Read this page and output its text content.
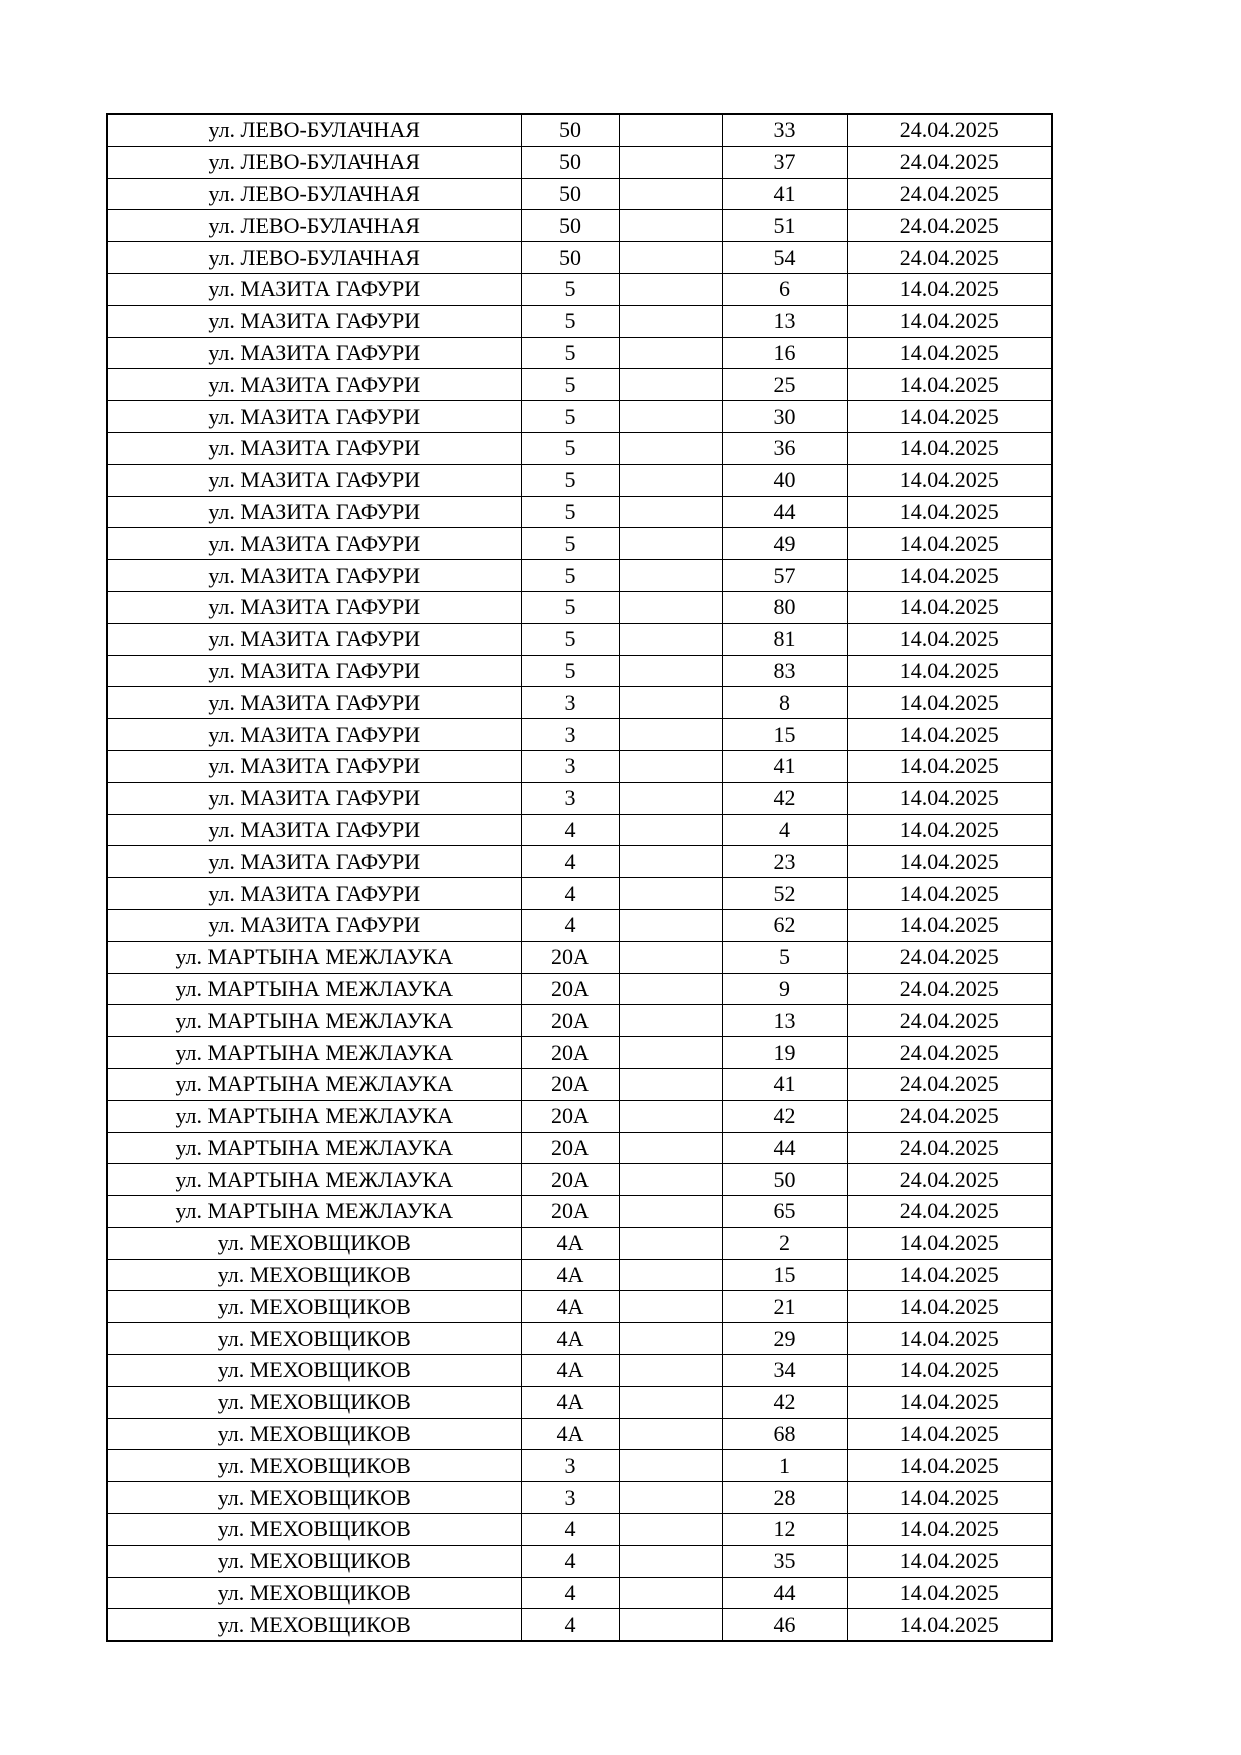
ул. ЛЕВО-БУЛАЧНАЯ	50		33	24.04.2025
ул. ЛЕВО-БУЛАЧНАЯ	50		37	24.04.2025
ул. ЛЕВО-БУЛАЧНАЯ	50		41	24.04.2025
ул. ЛЕВО-БУЛАЧНАЯ	50		51	24.04.2025
ул. ЛЕВО-БУЛАЧНАЯ	50		54	24.04.2025
ул. МАЗИТА ГАФУРИ	5		6	14.04.2025
ул. МАЗИТА ГАФУРИ	5		13	14.04.2025
ул. МАЗИТА ГАФУРИ	5		16	14.04.2025
ул. МАЗИТА ГАФУРИ	5		25	14.04.2025
ул. МАЗИТА ГАФУРИ	5		30	14.04.2025
ул. МАЗИТА ГАФУРИ	5		36	14.04.2025
ул. МАЗИТА ГАФУРИ	5		40	14.04.2025
ул. МАЗИТА ГАФУРИ	5		44	14.04.2025
ул. МАЗИТА ГАФУРИ	5		49	14.04.2025
ул. МАЗИТА ГАФУРИ	5		57	14.04.2025
ул. МАЗИТА ГАФУРИ	5		80	14.04.2025
ул. МАЗИТА ГАФУРИ	5		81	14.04.2025
ул. МАЗИТА ГАФУРИ	5		83	14.04.2025
ул. МАЗИТА ГАФУРИ	3		8	14.04.2025
ул. МАЗИТА ГАФУРИ	3		15	14.04.2025
ул. МАЗИТА ГАФУРИ	3		41	14.04.2025
ул. МАЗИТА ГАФУРИ	3		42	14.04.2025
ул. МАЗИТА ГАФУРИ	4		4	14.04.2025
ул. МАЗИТА ГАФУРИ	4		23	14.04.2025
ул. МАЗИТА ГАФУРИ	4		52	14.04.2025
ул. МАЗИТА ГАФУРИ	4		62	14.04.2025
ул. МАРТЫНА МЕЖЛАУКА	20А		5	24.04.2025
ул. МАРТЫНА МЕЖЛАУКА	20А		9	24.04.2025
ул. МАРТЫНА МЕЖЛАУКА	20А		13	24.04.2025
ул. МАРТЫНА МЕЖЛАУКА	20А		19	24.04.2025
ул. МАРТЫНА МЕЖЛАУКА	20А		41	24.04.2025
ул. МАРТЫНА МЕЖЛАУКА	20А		42	24.04.2025
ул. МАРТЫНА МЕЖЛАУКА	20А		44	24.04.2025
ул. МАРТЫНА МЕЖЛАУКА	20А		50	24.04.2025
ул. МАРТЫНА МЕЖЛАУКА	20А		65	24.04.2025
ул. МЕХОВЩИКОВ	4А		2	14.04.2025
ул. МЕХОВЩИКОВ	4А		15	14.04.2025
ул. МЕХОВЩИКОВ	4А		21	14.04.2025
ул. МЕХОВЩИКОВ	4А		29	14.04.2025
ул. МЕХОВЩИКОВ	4А		34	14.04.2025
ул. МЕХОВЩИКОВ	4А		42	14.04.2025
ул. МЕХОВЩИКОВ	4А		68	14.04.2025
ул. МЕХОВЩИКОВ	3		1	14.04.2025
ул. МЕХОВЩИКОВ	3		28	14.04.2025
ул. МЕХОВЩИКОВ	4		12	14.04.2025
ул. МЕХОВЩИКОВ	4		35	14.04.2025
ул. МЕХОВЩИКОВ	4		44	14.04.2025
ул. МЕХОВЩИКОВ	4		46	14.04.2025
